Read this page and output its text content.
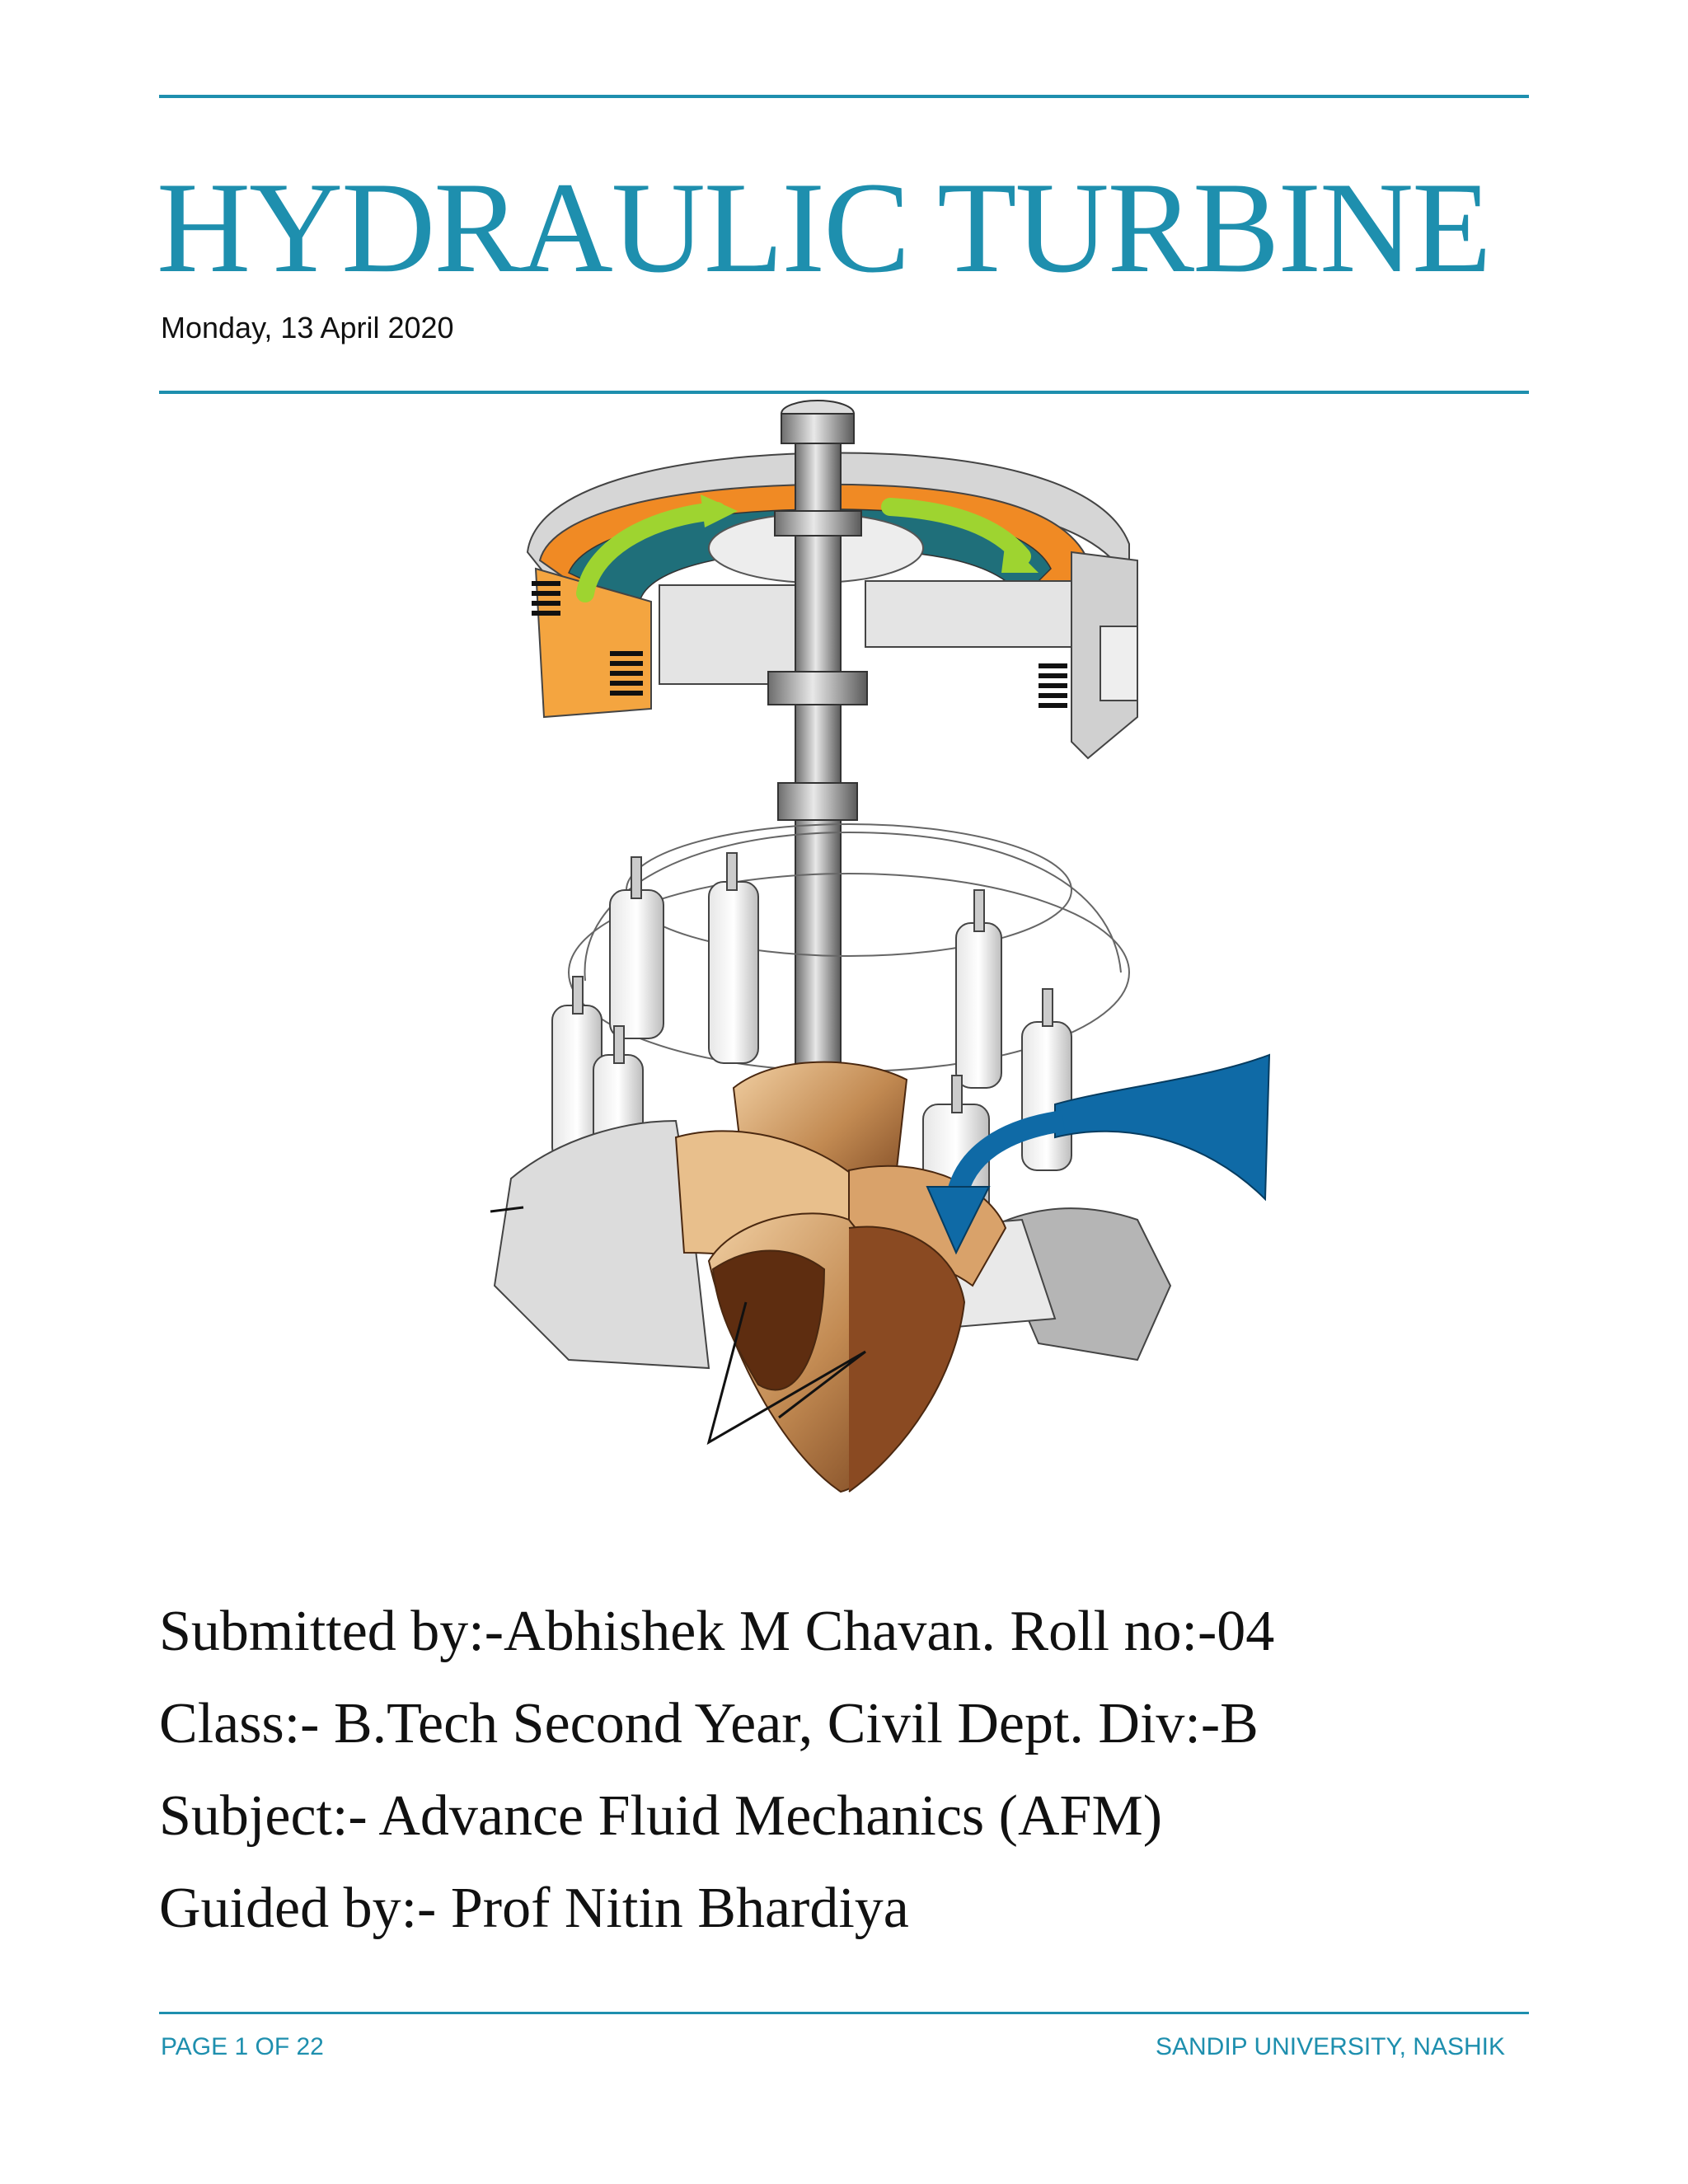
HYDRAULIC TURBINE
Monday, 13 April 2020
Submitted by:-Abhishek M Chavan. Roll no:-04
Class:- B.Tech Second Year, Civil Dept. Div:-B
Subject:- Advance Fluid Mechanics (AFM)
Guided by:- Prof Nitin Bhardiya
PAGE 1 OF 22	SANDIP UNIVERSITY, NASHIK
